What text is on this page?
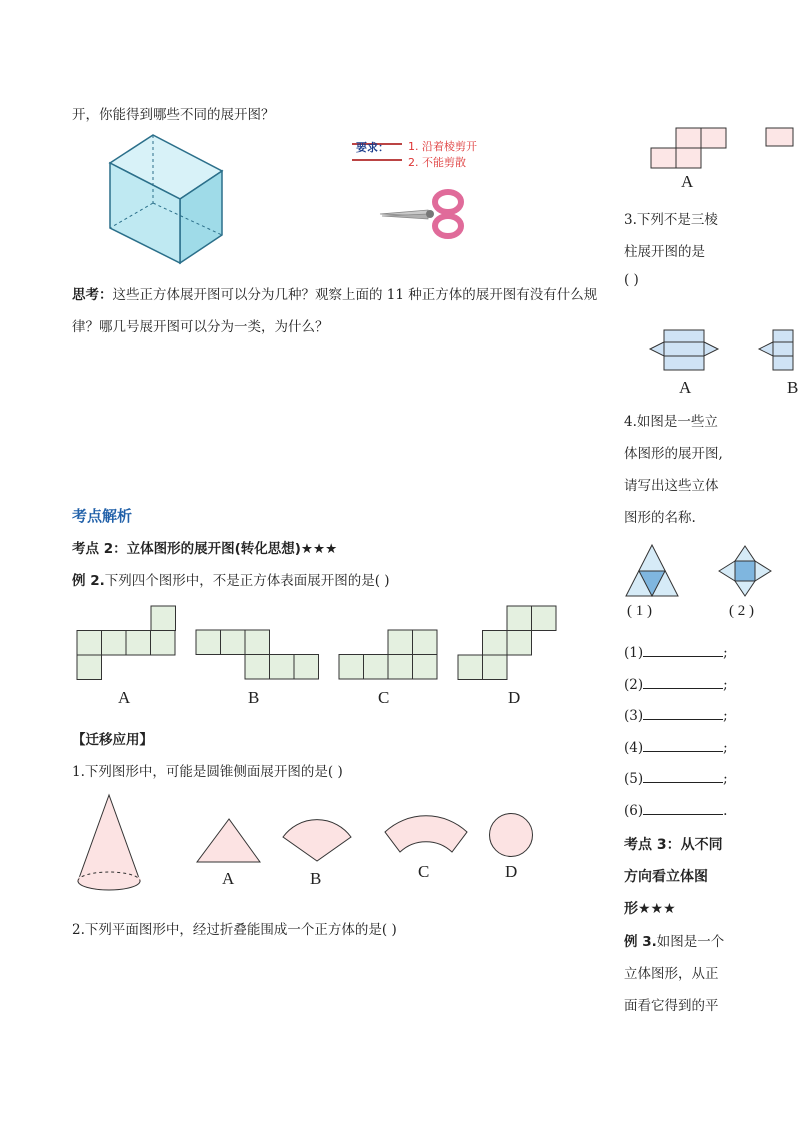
开，你能得到哪些不同的展开图？
要求： 1. 沿着棱剪开
2. 不能剪散
思考：这些正方体展开图可以分为几种？观察上面的 11 种正方体的展开图有没有什么规
律？哪几号展开图可以分为一类，为什么？
考点解析
考点 2：立体图形的展开图(转化思想)★★★
例 2.下列四个图形中，不是正方体表面展开图的是( )
A	B	C	D
【迁移应用】
1.下列图形中，可能是圆锥侧面展开图的是( )
A	B	C	D
2.下列平面图形中，经过折叠能围成一个正方体的是( )
A
3.下列不是三棱
柱展开图的是
( )
A	B
4.如图是一些立
体图形的展开图,
请写出这些立体
图形的名称.
( 1 )	( 2 )
(1)	;
(2)	;
(3)	;
(4)	;
(5)	;
(6)	.
考点 3：从不同
方向看立体图
形★★★
例 3.如图是一个
立体图形，从正
面看它得到的平
